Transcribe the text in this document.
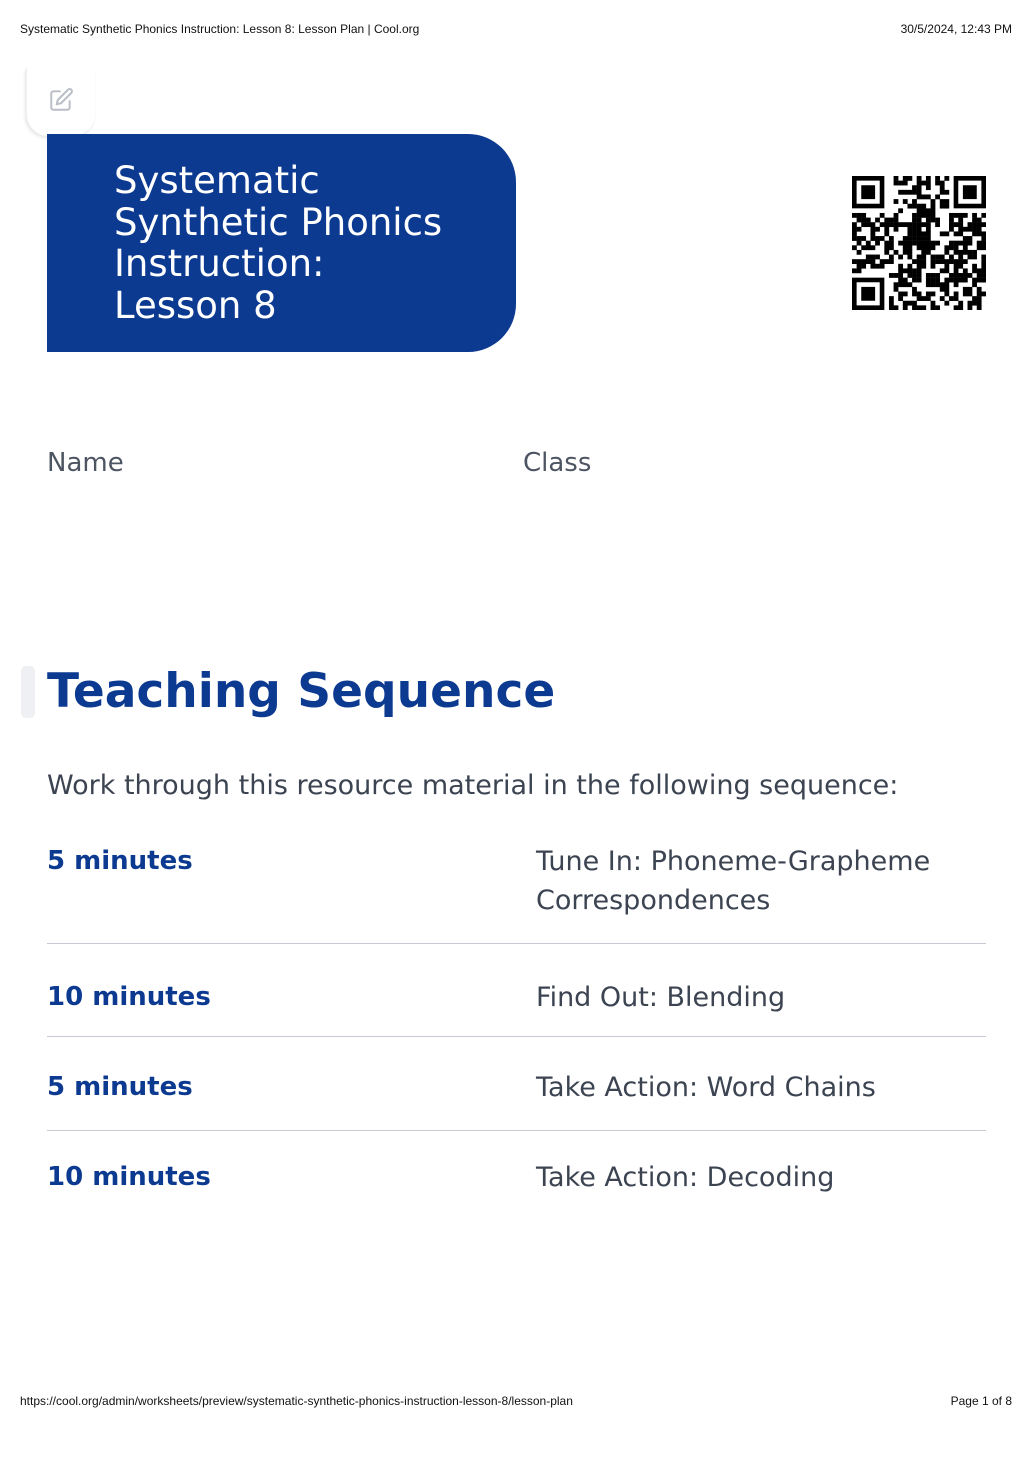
Systematic Synthetic Phonics Instruction: Lesson 8: Lesson Plan | Cool.org	30/5/2024, 12:43 PM
Systematic
Synthetic Phonics
Instruction:
Lesson 8
Name	Class
Teaching Sequence
Work through this resource material in the following sequence:
5 minutes	Tune In: Phoneme-Grapheme
Correspondences
10 minutes	Find Out: Blending
5 minutes	Take Action: Word Chains
10 minutes	Take Action: Decoding
https://cool.org/admin/worksheets/preview/systematic-synthetic-phonics-instruction-lesson-8/lesson-plan	Page 1 of 8
